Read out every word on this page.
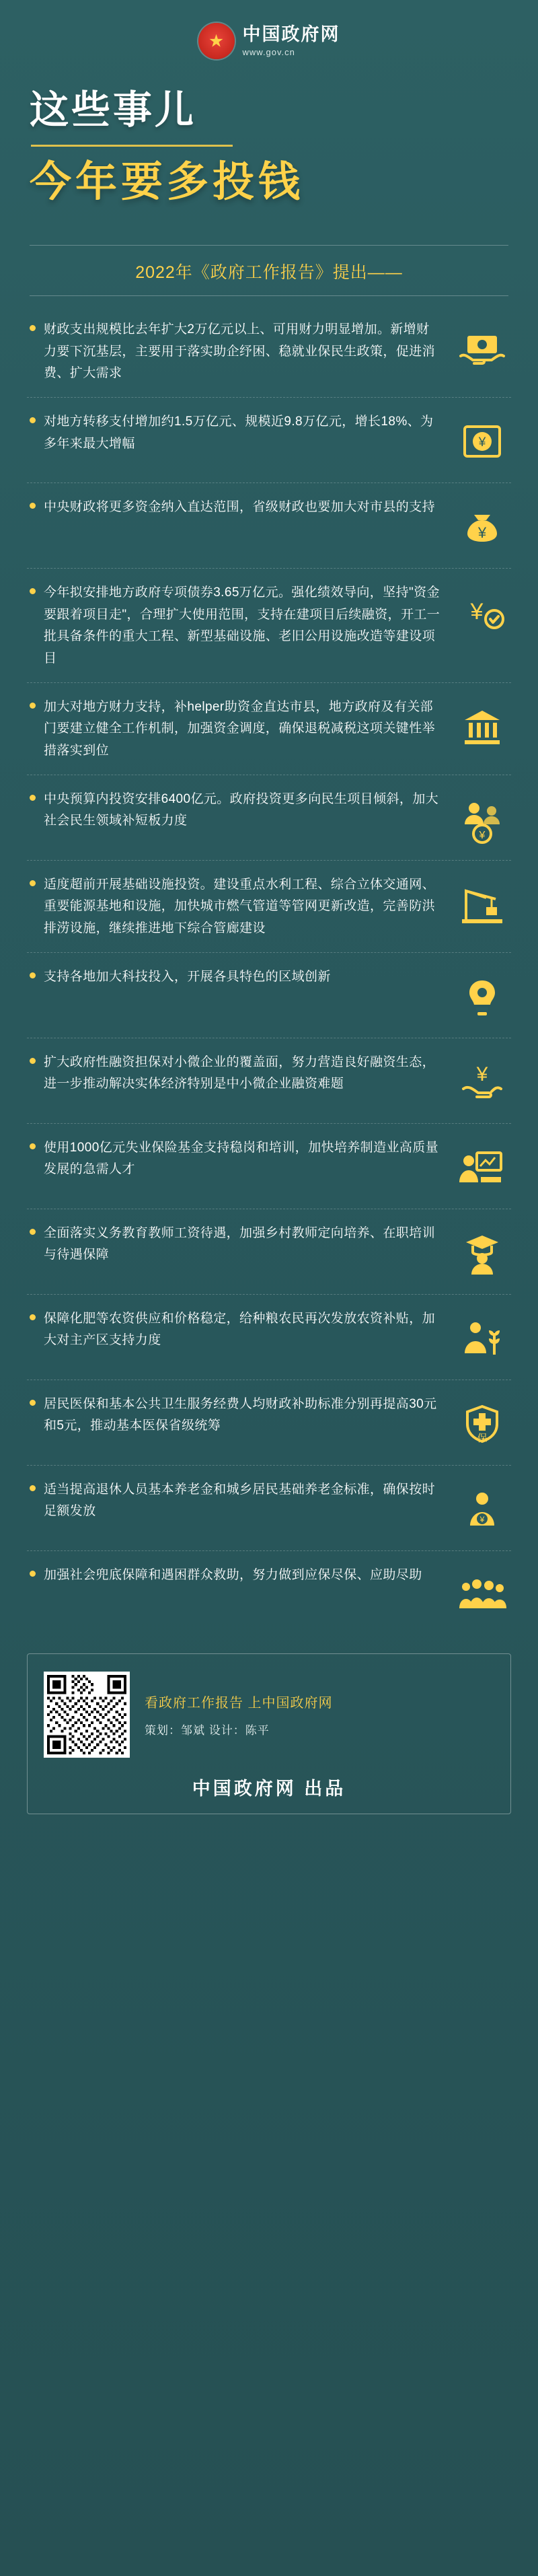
★
中国政府网
www.gov.cn
这些事儿
今年要多投钱
2022年《政府工作报告》提出——
财政支出规模比去年扩大2万亿元以上、可用财力明显增加。新增财力要下沉基层，主要用于落实助企纾困、稳就业保民生政策，促进消费、扩大需求
对地方转移支付增加约1.5万亿元、规模近9.8万亿元，增长18%、为多年来最大增幅	¥
中央财政将更多资金纳入直达范围，省级财政也要加大对市县的支持
¥
今年拟安排地方政府专项债券3.65万亿元。强化绩效导向，坚持"资金要跟着项目走"，合理扩大使用范围，支持在建项目后续融资，开工一批具备条件的重大工程、新型基础设施、老旧公用设施改造等建设项目
¥
加大对地方财力支持，补helper助资金直达市县，地方政府及有关部门要建立健全工作机制，加强资金调度，确保退税减税这项关键性举措落实到位
中央预算内投资安排6400亿元。政府投资更多向民生项目倾斜，加大社会民生领域补短板力度
¥
适度超前开展基础设施投资。建设重点水利工程、综合立体交通网、重要能源基地和设施，加快城市燃气管道等管网更新改造，完善防洪排涝设施，继续推进地下综合管廊建设
支持各地加大科技投入，开展各具特色的区域创新
扩大政府性融资担保对小微企业的覆盖面，努力营造良好融资生态，进一步推动解决实体经济特别是中小微企业融资难题	¥
使用1000亿元失业保险基金支持稳岗和培训，加快培养制造业高质量发展的急需人才
全面落实义务教育教师工资待遇，加强乡村教师定向培养、在职培训与待遇保障
保障化肥等农资供应和价格稳定，给种粮农民再次发放农资补贴，加大对主产区支持力度
居民医保和基本公共卫生服务经费人均财政补助标准分别再提高30元和5元，推动基本医保省级统筹
保
适当提高退休人员基本养老金和城乡居民基础养老金标准，确保按时足额发放
¥
加强社会兜底保障和遇困群众救助，努力做到应保尽保、应助尽助
看政府工作报告 上中国政府网
策划：邹斌 设计：陈平
中国政府网 出品
